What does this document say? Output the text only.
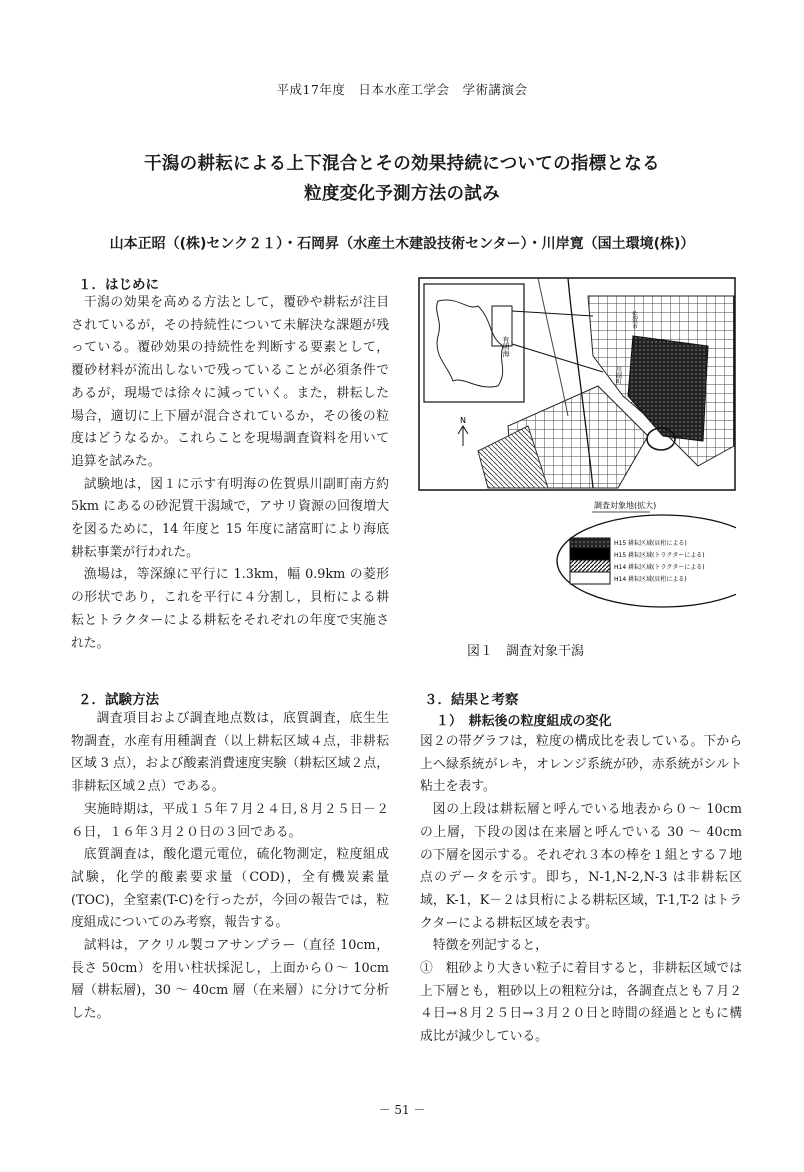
平成17年度　日本水産工学会　学術講演会
干潟の耕耘による上下混合とその効果持続についての指標となる
粒度変化予測方法の試み
山本正昭（(株)センク２１）・石岡昇（水産土木建設技術センター）・川岸寛（国土環境(株)）
１．はじめに

干潟の効果を高める方法として，覆砂や耕耘が注目されているが，その持続性について未解決な課題が残っている。覆砂効果の持続性を判断する要素として，覆砂材料が流出しないで残っていることが必須条件であるが，現場では徐々に減っていく。また，耕耘した場合，適切に上下層が混合されているか，その後の粒度はどうなるか。これらことを現場調査資料を用いて追算を試みた。

試験地は，図１に示す有明海の佐賀県川副町南方約 5km にあるの砂泥質干潟域で，アサリ資源の回復増大を図るために，14 年度と 15 年度に諸富町により海底耕耘事業が行われた。

漁場は，等深線に平行に 1.3km，幅 0.9km の菱形の形状であり，これを平行に４分割し，貝桁による耕耘とトラクターによる耕耘をそれぞれの年度で実施された。

有明海
N
佐賀市
川副町
調査対象地(拡大)
H15 耕耘区域(貝桁による)
H15 耕耘区域(トラクターによる)
H14 耕耘区域(トラクターによる)
H14 耕耘区域(貝桁による)
図１　調査対象干潟
２．試験方法

調査項目および調査地点数は，底質調査，底生生物調査，水産有用種調査（以上耕耘区域４点，非耕耘区域 3 点），および酸素消費速度実験（耕耘区域２点，非耕耘区域２点）である。

実施時期は，平成１５年７月２４日,８月２５日－２６日，１６年３月２０日の３回である。

底質調査は，酸化還元電位，硫化物測定，粒度組成試験，化学的酸素要求量（COD)，全有機炭素量(TOC)，全窒素(T-C)を行ったが，今回の報告では，粒度組成についてのみ考察，報告する。

試料は，アクリル製コアサンプラー（直径 10cm，長さ 50cm）を用い柱状採泥し，上面から０～ 10cm 層（耕耘層)，30 ～ 40cm 層（在来層）に分けて分析した。

３．結果と考察
１）　耕耘後の粒度組成の変化

図２の帯グラフは，粒度の構成比を表している。下から上へ緑系統がレキ，オレンジ系統が砂，赤系統がシルト粘土を表す。

図の上段は耕耘層と呼んでいる地表から０～ 10cm の上層，下段の図は在来層と呼んでいる 30 ～ 40cm の下層を図示する。それぞれ３本の棒を１組とする７地点のデータを示す。即ち，N-1,N-2,N-3 は非耕耘区域，K-1，K－２は貝桁による耕耘区域，T-1,T-2 はトラクターによる耕耘区域を表す。

特徴を列記すると，

①　粗砂より大きい粒子に着目すると，非耕耘区域では上下層とも，粗砂以上の粗粒分は，各調査点とも７月２４日→８月２５日→３月２０日と時間の経過とともに構成比が減少している。

－ 51 －
